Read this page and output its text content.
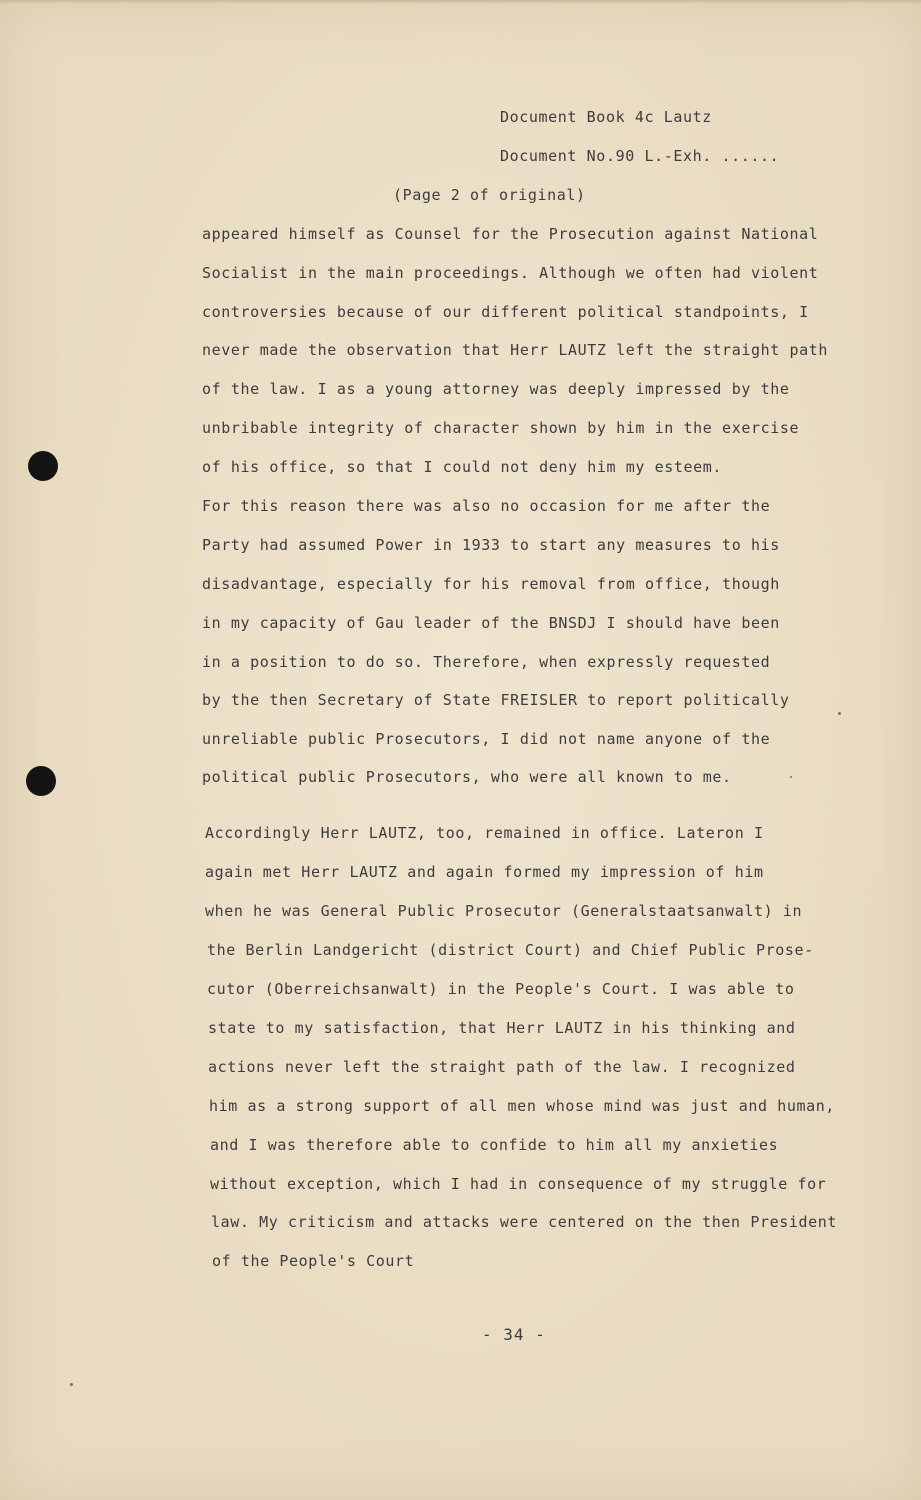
Document Book 4c Lautz
Document No.90 L.-Exh. ......
(Page 2 of original)
appeared himself as Counsel for the Prosecution against National
Socialist in the main proceedings. Although we often had violent
controversies because of our different political standpoints, I
never made the observation that Herr LAUTZ left the straight path
of the law. I as a young attorney was deeply impressed by the
unbribable integrity of character shown by him in the exercise
of his office, so that I could not deny him my esteem.
For this reason there was also no occasion for me after the
Party had assumed Power in 1933 to start any measures to his
disadvantage, especially for his removal from office, though
in my capacity of Gau leader of the BNSDJ I should have been
in a position to do so. Therefore, when expressly requested
by the then Secretary of State FREISLER to report politically
unreliable public Prosecutors, I did not name anyone of the
political public Prosecutors, who were all known to me.
Accordingly Herr LAUTZ, too, remained in office. Lateron I
again met Herr LAUTZ and again formed my impression of him
when he was General Public Prosecutor (Generalstaatsanwalt) in
the Berlin Landgericht (district Court) and Chief Public Prose-
cutor (Oberreichsanwalt) in the People's Court. I was able to
state to my satisfaction, that Herr LAUTZ in his thinking and
actions never left the straight path of the law. I recognized
him as a strong support of all men whose mind was just and human,
and I was therefore able to confide to him all my anxieties
without exception, which I had in consequence of my struggle for
law. My criticism and attacks were centered on the then President
of the People's Court
- 34 -
